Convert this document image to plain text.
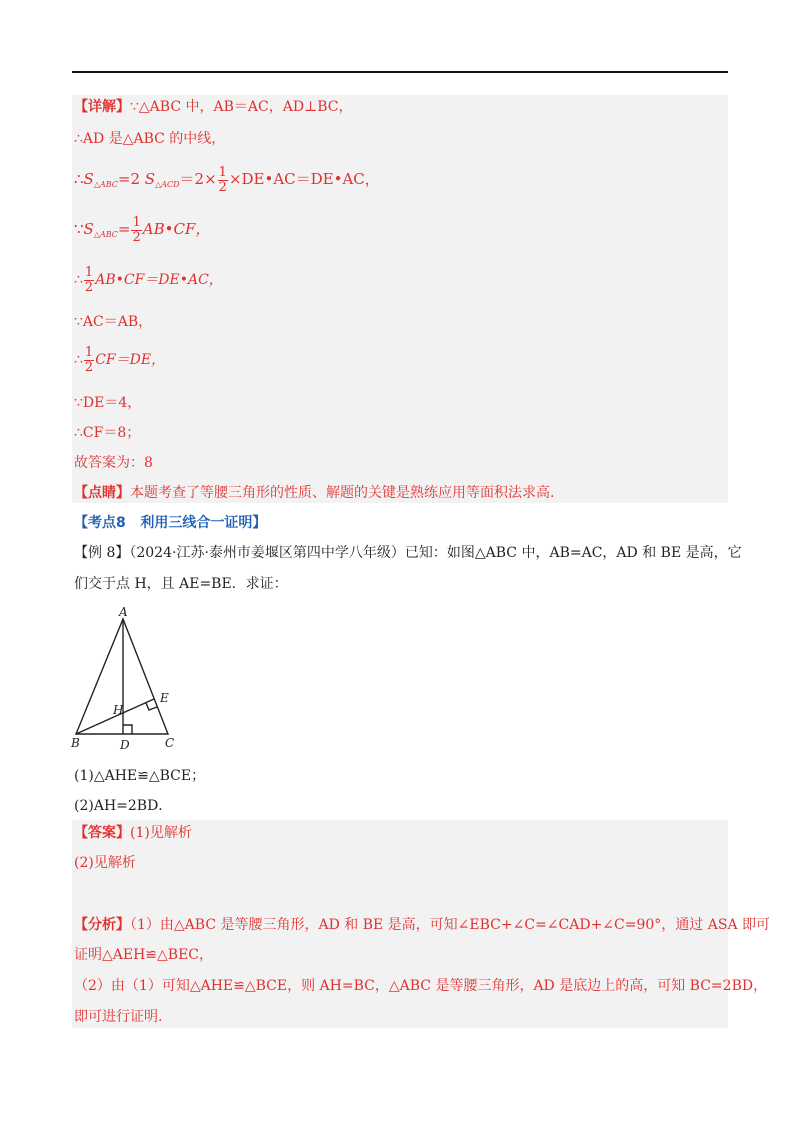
【详解】∵△ABC 中，AB＝AC，AD⊥BC，
∴AD 是△ABC 的中线，
$\therefore S_{\triangle ABC}=2$ $S_{\triangle ACD}=2\times \frac{1}{2}$ ×DE•AC＝DE•AC，
$\because S_{\triangle ABC}= \frac{1}{2}$ AB•CF，
∴ $\frac{1}{2}$ AB•CF＝DE•AC，
∵AC＝AB，
∴ $\frac{1}{2} CF=DE$，
∵DE＝4，
∴CF＝8；
故答案为：8
【点睛】本题考查了等腰三角形的性质、解题的关键是熟练应用等面积法求高.
【考点8 利用三线合一证明】
【例 8】（2024·江苏·泰州市姜堰区第四中学八年级）已知：如图△ABC 中，AB=AC，AD 和 BE 是高，它
们交于点 H，且 AE=BE．求证：
A
B	C
D
E
H
(1)△AHE≌△BCE；
(2)AH=2BD．
【答案】(1)见解析
(2)见解析
【分析】（1）由△ABC 是等腰三角形，AD 和 BE 是高，可知∠EBC+∠C=∠CAD+∠C=90°，通过 ASA 即可
证明△AEH≌△BEC，
（2）由（1）可知△AHE≌△BCE，则 AH=BC，△ABC 是等腰三角形，AD 是底边上的高，可知 BC=2BD，
即可进行证明.
